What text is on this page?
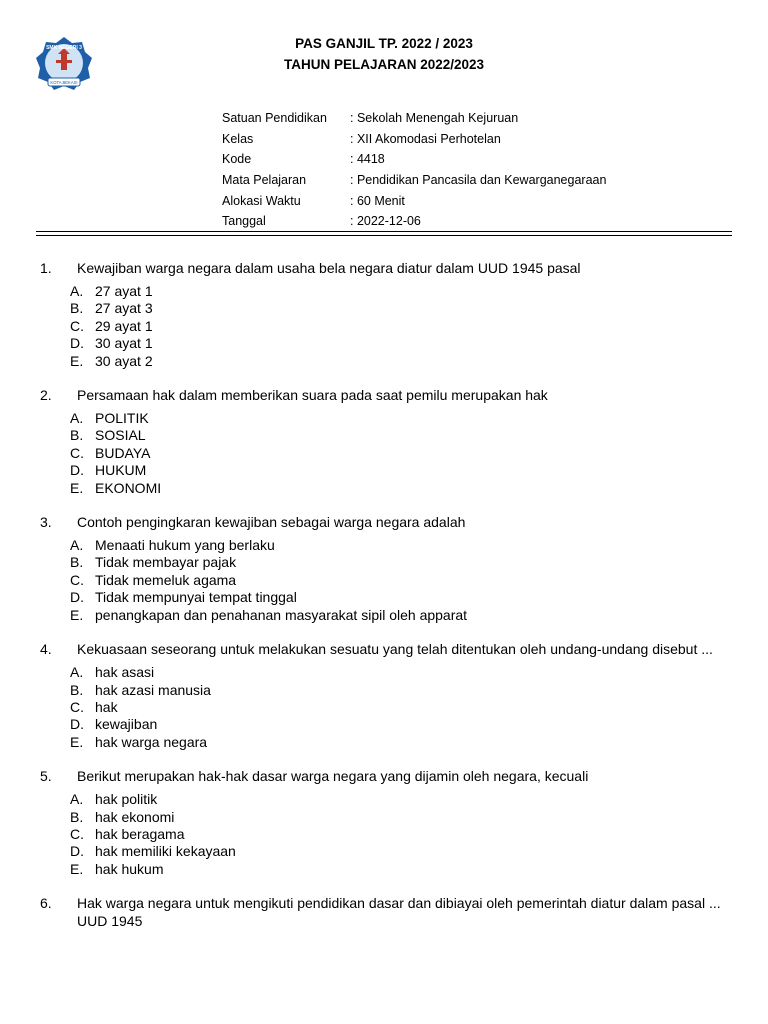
SMK NEGERI 3
KOTA BEKASI
PAS GANJIL TP. 2022 / 2023
TAHUN PELAJARAN 2022/2023
Satuan Pendidikan	: Sekolah Menengah Kejuruan
Kelas	: XII Akomodasi Perhotelan
Kode	: 4418
Mata Pelajaran	: Pendidikan Pancasila dan Kewarganegaraan
Alokasi Waktu	: 60 Menit
Tanggal	: 2022-12-06
1.	Kewajiban warga negara dalam usaha bela negara diatur dalam UUD 1945 pasal
A. 27 ayat 1
B. 27 ayat 3
C. 29 ayat 1
D. 30 ayat 1
E. 30 ayat 2
2.	Persamaan hak dalam memberikan suara pada saat pemilu merupakan hak
A. POLITIK
B. SOSIAL
C. BUDAYA
D. HUKUM
E. EKONOMI
3.	Contoh pengingkaran kewajiban sebagai warga negara adalah
A. Menaati hukum yang berlaku
B. Tidak membayar pajak
C. Tidak memeluk agama
D. Tidak mempunyai tempat tinggal
E. penangkapan dan penahanan masyarakat sipil oleh apparat
4.	Kekuasaan seseorang untuk melakukan sesuatu yang telah ditentukan oleh undang-undang disebut ...
A. hak asasi
B. hak azasi manusia
C. hak
D. kewajiban
E. hak warga negara
5.	Berikut merupakan hak-hak dasar warga negara yang dijamin oleh negara, kecuali
A. hak politik
B. hak ekonomi
C. hak beragama
D. hak memiliki kekayaan
E. hak hukum
6.	Hak warga negara untuk mengikuti pendidikan dasar dan dibiayai oleh pemerintah diatur dalam pasal ... UUD 1945
